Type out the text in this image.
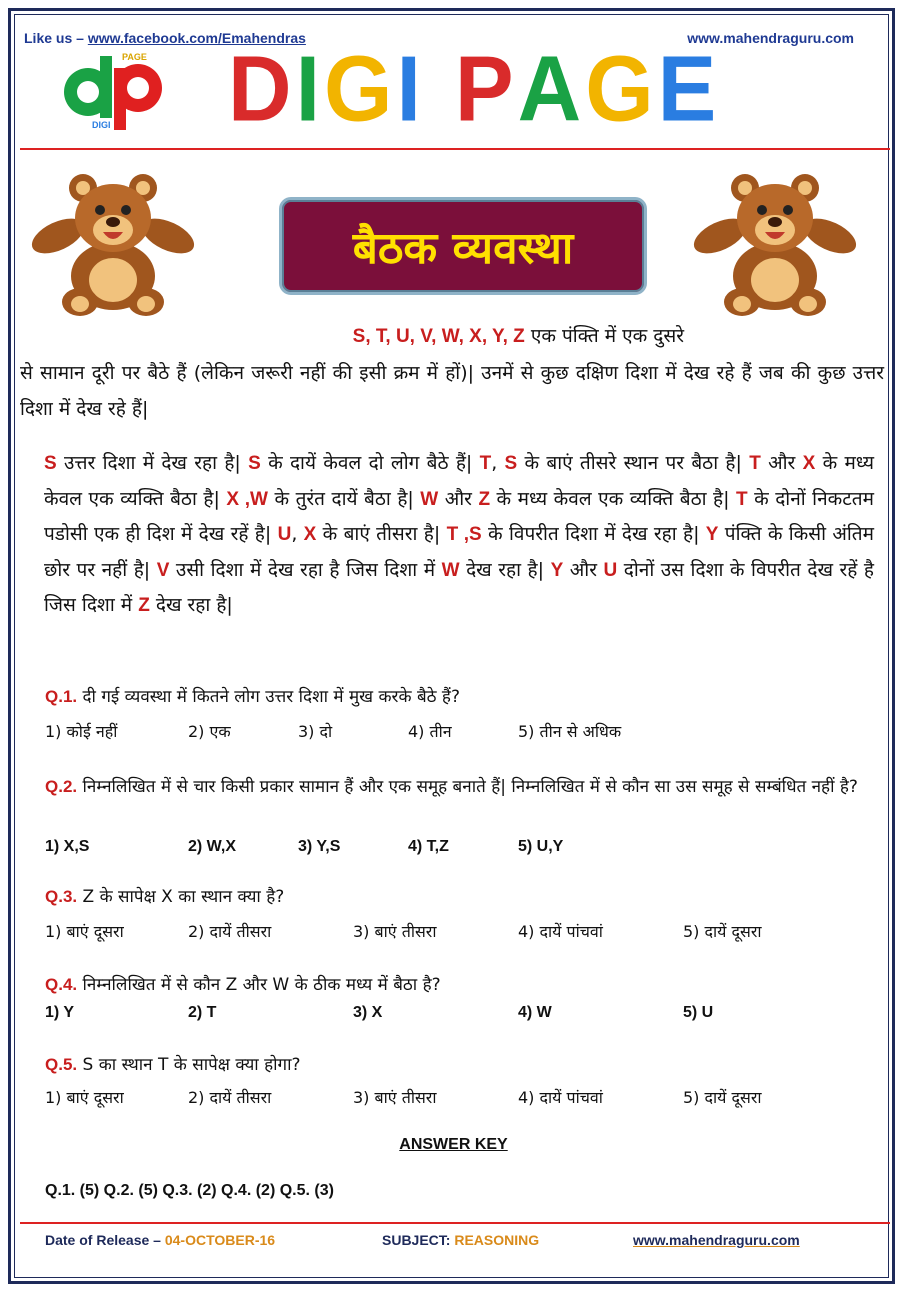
Like us – www.facebook.com/Emahendras	www.mahendraguru.com
PAGE
DIGI DIGI PAGE
बैठक व्यवस्था
S, T, U, V, W, X, Y, Z एक पंक्ति में एक दुसरे
से सामान दूरी पर बैठे हैं (लेकिन जरूरी नहीं की इसी क्रम में हों)| उनमें से कुछ दक्षिण दिशा में देख रहे हैं जब की कुछ उत्तर दिशा में देख रहे हैं|
S उत्तर दिशा में देख रहा है| S के दायें केवल दो लोग बैठे हैं| T, S के बाएं तीसरे स्थान पर बैठा है| T और X के मध्य केवल एक व्यक्ति बैठा है| X ,W के तुरंत दायें बैठा है| W और Z के मध्य केवल एक व्यक्ति बैठा है| T के दोनों निकटतम पडोसी एक ही दिश में देख रहें है| U, X के बाएं तीसरा है| T ,S के विपरीत दिशा में देख रहा है| Y पंक्ति के किसी अंतिम छोर पर नहीं है| V उसी दिशा में देख रहा है जिस दिशा में W देख रहा है| Y और U दोनों उस दिशा के विपरीत देख रहें है जिस दिशा में Z देख रहा है|
Q.1. दी गई व्यवस्था में कितने लोग उत्तर दिशा में मुख करके बैठे हैं?
1) कोई नहीं	2) एक	3) दो	4) तीन	5) तीन से अधिक
Q.2. निम्नलिखित में से चार किसी प्रकार सामान हैं और एक समूह बनाते हैं| निम्नलिखित में से कौन सा उस समूह से सम्बंधित नहीं है?
1) X,S	2) W,X	3) Y,S	4) T,Z	5) U,Y
Q.3. Z के सापेक्ष X का स्थान क्या है?
1) बाएं दूसरा	2) दायें तीसरा	3) बाएं तीसरा	4) दायें पांचवां	5) दायें दूसरा
Q.4. निम्नलिखित में से कौन Z और W के ठीक मध्य में बैठा है?
1) Y	2) T	3) X	4) W	5) U
Q.5. S का स्थान T के सापेक्ष क्या होगा?
1) बाएं दूसरा	2) दायें तीसरा	3) बाएं तीसरा	4) दायें पांचवां	5) दायें दूसरा
ANSWER KEY
Q.1. (5) Q.2. (5) Q.3. (2) Q.4. (2) Q.5. (3)
Date of Release – 04-OCTOBER-16	SUBJECT: REASONING	www.mahendraguru.com
